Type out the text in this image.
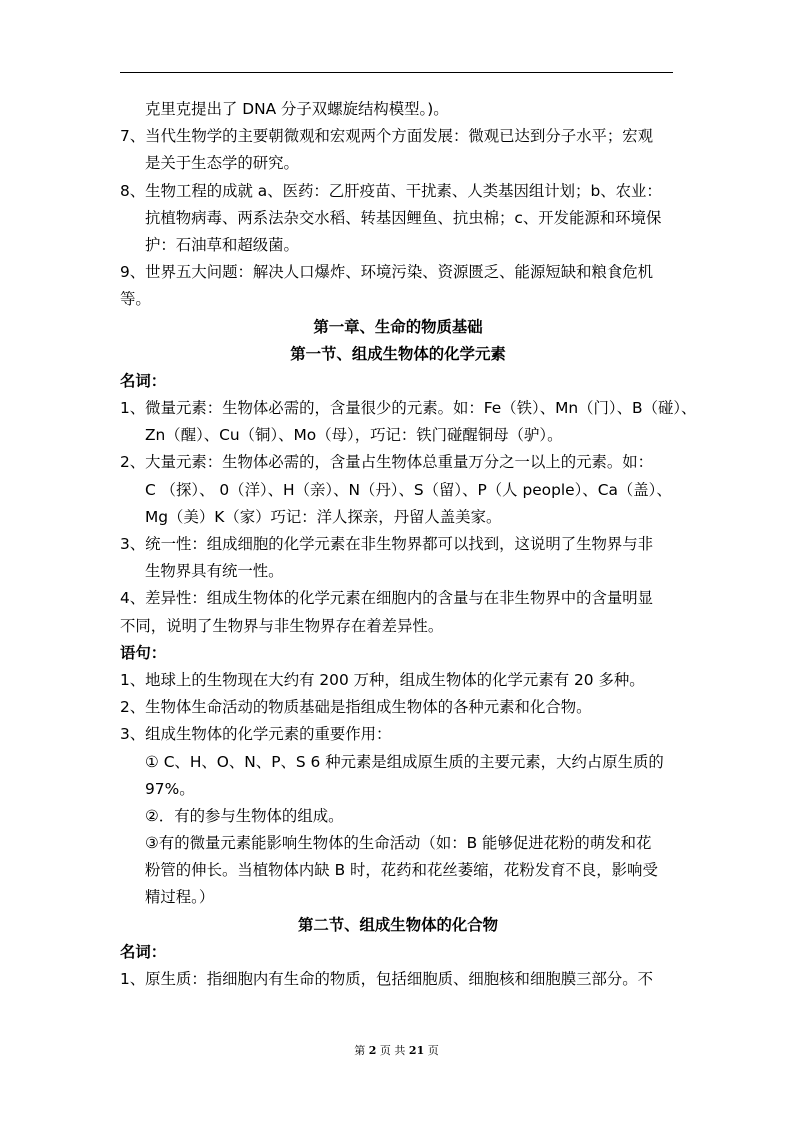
克里克提出了 DNA 分子双螺旋结构模型。)。
7、当代生物学的主要朝微观和宏观两个方面发展：微观已达到分子水平；宏观
是关于生态学的研究。
8、生物工程的成就 a、医药：乙肝疫苗、干扰素、人类基因组计划；b、农业：
抗植物病毒、两系法杂交水稻、转基因鲤鱼、抗虫棉；c、开发能源和环境保
护：石油草和超级菌。
9、世界五大问题：解决人口爆炸、环境污染、资源匮乏、能源短缺和粮食危机
等。
第一章、生命的物质基础
第一节、组成生物体的化学元素
名词：
1、微量元素：生物体必需的，含量很少的元素。如：Fe（铁）、Mn（门）、B（碰）、
Zn（醒）、Cu（铜）、Mo（母），巧记：铁门碰醒铜母（驴）。
2、大量元素：生物体必需的，含量占生物体总重量万分之一以上的元素。如：
C （探）、 0（洋）、H（亲）、N（丹）、S（留）、P（人 people）、Ca（盖）、
Mg（美）K（家）巧记：洋人探亲，丹留人盖美家。
3、统一性：组成细胞的化学元素在非生物界都可以找到，这说明了生物界与非
生物界具有统一性。
4、差异性：组成生物体的化学元素在细胞内的含量与在非生物界中的含量明显
不同，说明了生物界与非生物界存在着差异性。
语句：
1、地球上的生物现在大约有 200 万种，组成生物体的化学元素有 20 多种。
2、生物体生命活动的物质基础是指组成生物体的各种元素和化合物。
3、组成生物体的化学元素的重要作用：
① C、H、O、N、P、S 6 种元素是组成原生质的主要元素，大约占原生质的
97%。
②．有的参与生物体的组成。
③有的微量元素能影响生物体的生命活动（如：B 能够促进花粉的萌发和花
粉管的伸长。当植物体内缺 B 时，花药和花丝萎缩，花粉发育不良，影响受
精过程。）
第二节、组成生物体的化合物
名词：
1、原生质：指细胞内有生命的物质，包括细胞质、细胞核和细胞膜三部分。不
第 2 页 共 21 页
